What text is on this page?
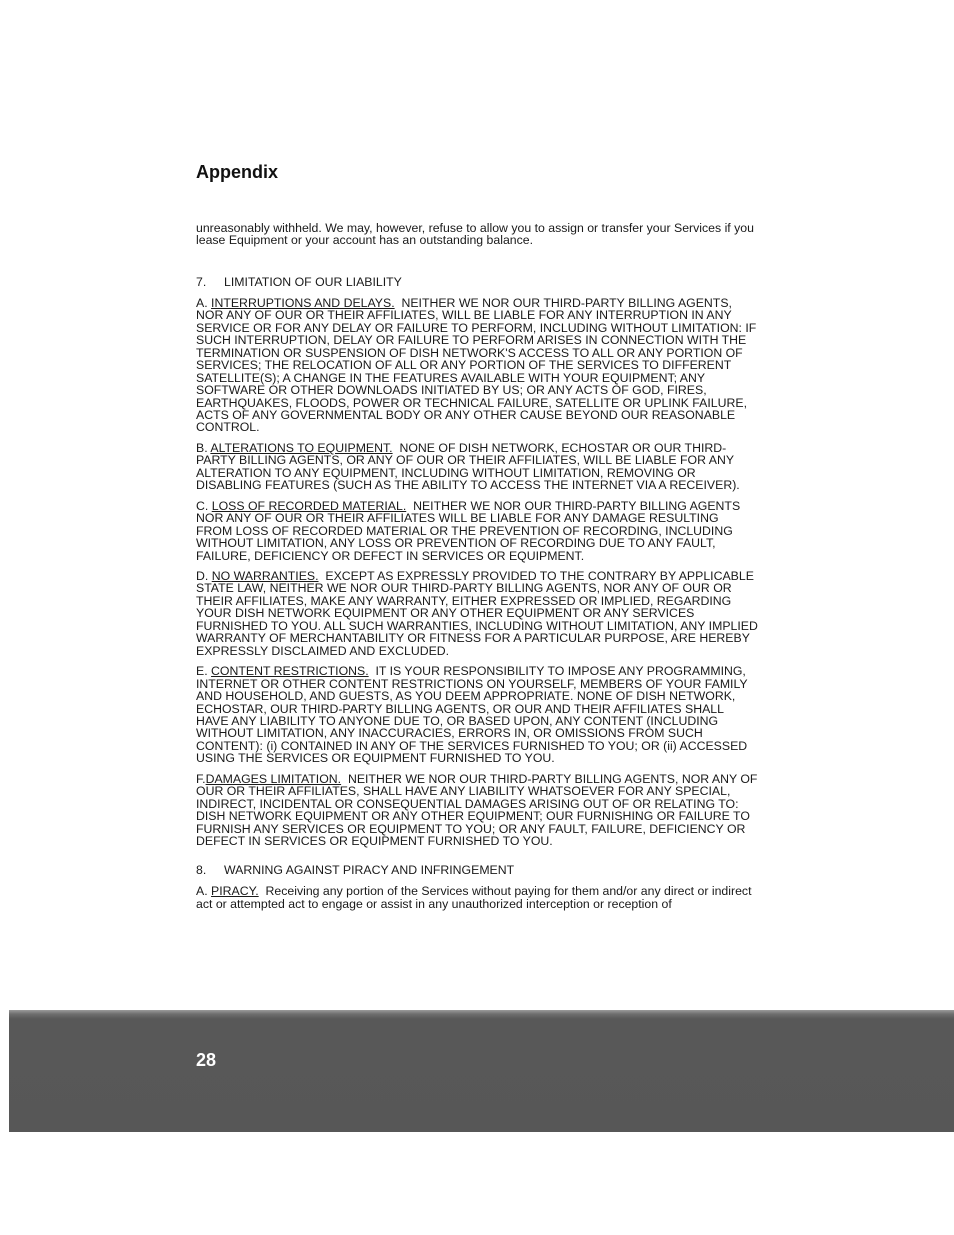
Appendix

unreasonably withheld. We may, however, refuse to allow you to assign or transfer your Services if you lease Equipment or your account has an outstanding balance.

7. LIMITATION OF OUR LIABILITY

A. INTERRUPTIONS AND DELAYS. NEITHER WE NOR OUR THIRD-PARTY BILLING AGENTS, NOR ANY OF OUR OR THEIR AFFILIATES, WILL BE LIABLE FOR ANY INTERRUPTION IN ANY SERVICE OR FOR ANY DELAY OR FAILURE TO PERFORM, INCLUDING WITHOUT LIMITATION: IF SUCH INTERRUPTION, DELAY OR FAILURE TO PERFORM ARISES IN CONNECTION WITH THE TERMINATION OR SUSPENSION OF DISH NETWORK'S ACCESS TO ALL OR ANY PORTION OF SERVICES; THE RELOCATION OF ALL OR ANY PORTION OF THE SERVICES TO DIFFERENT SATELLITE(S); A CHANGE IN THE FEATURES AVAILABLE WITH YOUR EQUIPMENT; ANY SOFTWARE OR OTHER DOWNLOADS INITIATED BY US; OR ANY ACTS OF GOD, FIRES, EARTHQUAKES, FLOODS, POWER OR TECHNICAL FAILURE, SATELLITE OR UPLINK FAILURE, ACTS OF ANY GOVERNMENTAL BODY OR ANY OTHER CAUSE BEYOND OUR REASONABLE CONTROL.

B. ALTERATIONS TO EQUIPMENT. NONE OF DISH NETWORK, ECHOSTAR OR OUR THIRD-PARTY BILLING AGENTS, OR ANY OF OUR OR THEIR AFFILIATES, WILL BE LIABLE FOR ANY ALTERATION TO ANY EQUIPMENT, INCLUDING WITHOUT LIMITATION, REMOVING OR DISABLING FEATURES (SUCH AS THE ABILITY TO ACCESS THE INTERNET VIA A RECEIVER).

C. LOSS OF RECORDED MATERIAL. NEITHER WE NOR OUR THIRD-PARTY BILLING AGENTS NOR ANY OF OUR OR THEIR AFFILIATES WILL BE LIABLE FOR ANY DAMAGE RESULTING FROM LOSS OF RECORDED MATERIAL OR THE PREVENTION OF RECORDING, INCLUDING WITHOUT LIMITATION, ANY LOSS OR PREVENTION OF RECORDING DUE TO ANY FAULT, FAILURE, DEFICIENCY OR DEFECT IN SERVICES OR EQUIPMENT.

D. NO WARRANTIES. EXCEPT AS EXPRESSLY PROVIDED TO THE CONTRARY BY APPLICABLE STATE LAW, NEITHER WE NOR OUR THIRD-PARTY BILLING AGENTS, NOR ANY OF OUR OR THEIR AFFILIATES, MAKE ANY WARRANTY, EITHER EXPRESSED OR IMPLIED, REGARDING YOUR DISH NETWORK EQUIPMENT OR ANY OTHER EQUIPMENT OR ANY SERVICES FURNISHED TO YOU. ALL SUCH WARRANTIES, INCLUDING WITHOUT LIMITATION, ANY IMPLIED WARRANTY OF MERCHANTABILITY OR FITNESS FOR A PARTICULAR PURPOSE, ARE HEREBY EXPRESSLY DISCLAIMED AND EXCLUDED.

E. CONTENT RESTRICTIONS. IT IS YOUR RESPONSIBILITY TO IMPOSE ANY PROGRAMMING, INTERNET OR OTHER CONTENT RESTRICTIONS ON YOURSELF, MEMBERS OF YOUR FAMILY AND HOUSEHOLD, AND GUESTS, AS YOU DEEM APPROPRIATE. NONE OF DISH NETWORK, ECHOSTAR, OUR THIRD-PARTY BILLING AGENTS, OR OUR AND THEIR AFFILIATES SHALL HAVE ANY LIABILITY TO ANYONE DUE TO, OR BASED UPON, ANY CONTENT (INCLUDING WITHOUT LIMITATION, ANY INACCURACIES, ERRORS IN, OR OMISSIONS FROM SUCH CONTENT): (i) CONTAINED IN ANY OF THE SERVICES FURNISHED TO YOU; OR (ii) ACCESSED USING THE SERVICES OR EQUIPMENT FURNISHED TO YOU.

F.DAMAGES LIMITATION. NEITHER WE NOR OUR THIRD-PARTY BILLING AGENTS, NOR ANY OF OUR OR THEIR AFFILIATES, SHALL HAVE ANY LIABILITY WHATSOEVER FOR ANY SPECIAL, INDIRECT, INCIDENTAL OR CONSEQUENTIAL DAMAGES ARISING OUT OF OR RELATING TO: DISH NETWORK EQUIPMENT OR ANY OTHER EQUIPMENT; OUR FURNISHING OR FAILURE TO FURNISH ANY SERVICES OR EQUIPMENT TO YOU; OR ANY FAULT, FAILURE, DEFICIENCY OR DEFECT IN SERVICES OR EQUIPMENT FURNISHED TO YOU.

8. WARNING AGAINST PIRACY AND INFRINGEMENT

A. PIRACY. Receiving any portion of the Services without paying for them and/or any direct or indirect act or attempted act to engage or assist in any unauthorized interception or reception of

28
